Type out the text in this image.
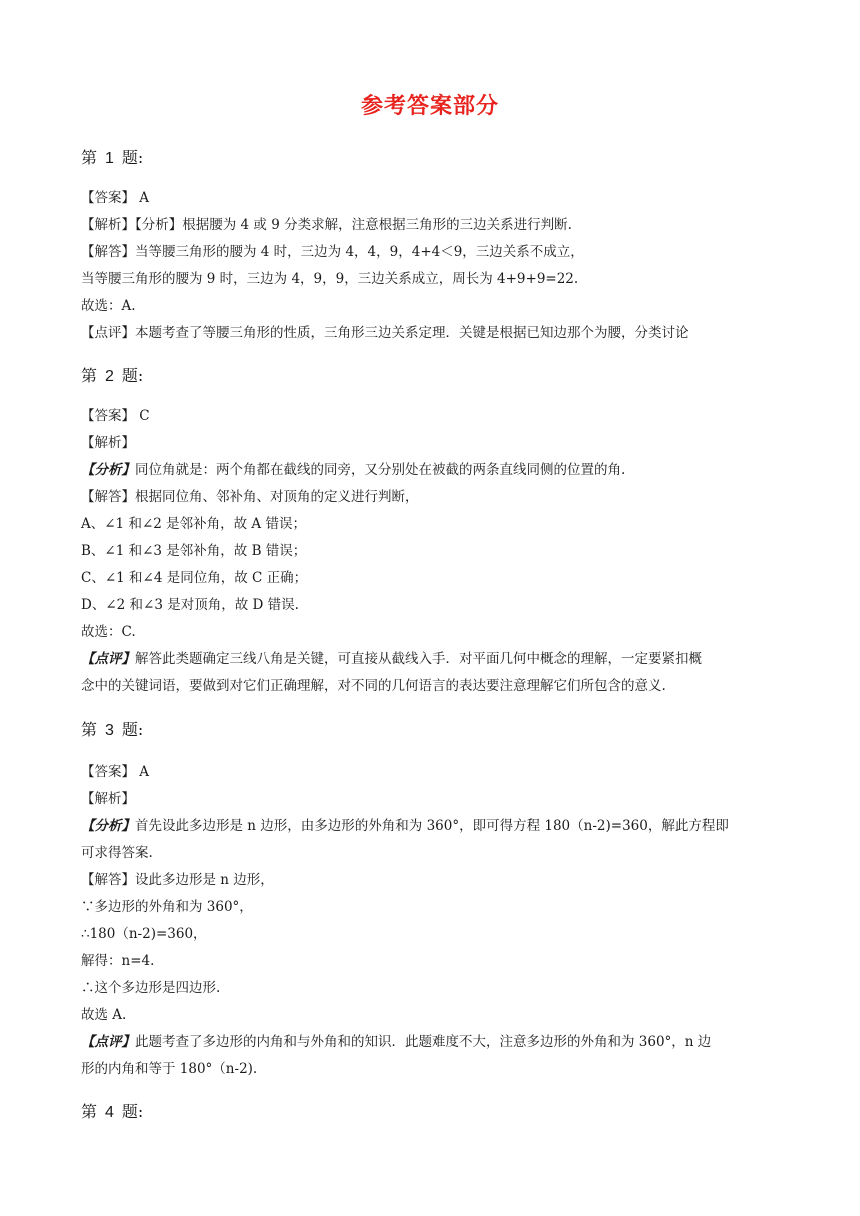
参考答案部分
第 1 题:
【答案】 A
【解析】【分析】根据腰为 4 或 9 分类求解，注意根据三角形的三边关系进行判断.
【解答】当等腰三角形的腰为 4 时，三边为 4，4，9，4+4＜9，三边关系不成立，
当等腰三角形的腰为 9 时，三边为 4，9，9，三边关系成立，周长为 4+9+9=22.
故选：A.
【点评】本题考查了等腰三角形的性质，三角形三边关系定理．关键是根据已知边那个为腰，分类讨论
第 2 题:
【答案】 C
【解析】
【分析】同位角就是：两个角都在截线的同旁，又分别处在被截的两条直线同侧的位置的角.
【解答】根据同位角、邻补角、对顶角的定义进行判断，
A、∠1 和∠2 是邻补角，故 A 错误；
B、∠1 和∠3 是邻补角，故 B 错误；
C、∠1 和∠4 是同位角，故 C 正确；
D、∠2 和∠3 是对顶角，故 D 错误.
故选：C.
【点评】解答此类题确定三线八角是关键，可直接从截线入手．对平面几何中概念的理解，一定要紧扣概
念中的关键词语，要做到对它们正确理解，对不同的几何语言的表达要注意理解它们所包含的意义.
第 3 题:
【答案】 A
【解析】
【分析】首先设此多边形是 n 边形，由多边形的外角和为 360°，即可得方程 180（n-2)=360，解此方程即
可求得答案.
【解答】设此多边形是 n 边形，
∵多边形的外角和为 360°，
∴180（n-2)=360，
解得：n=4.
∴这个多边形是四边形.
故选 A.
【点评】此题考查了多边形的内角和与外角和的知识．此题难度不大，注意多边形的外角和为 360°，n 边
形的内角和等于 180°（n-2).
第 4 题:
